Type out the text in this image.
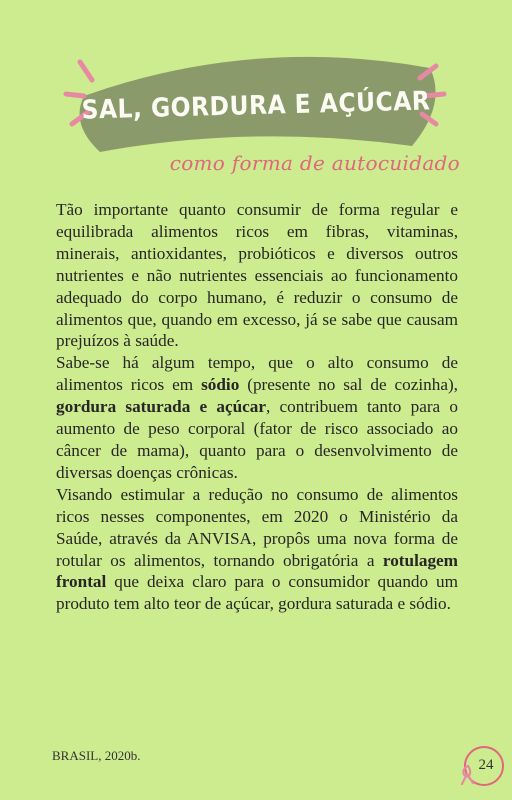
SAL, GORDURA E AÇÚCAR
como forma de autocuidado

Tão importante quanto consumir de forma regular e equilibrada alimentos ricos em fibras, vitaminas, minerais, antioxidantes, probióticos e diversos outros nutrientes e não nutrientes essenciais ao funcionamento adequado do corpo humano, é reduzir o consumo de alimentos que, quando em excesso, já se sabe que causam prejuízos à saúde.

Sabe-se há algum tempo, que o alto consumo de alimentos ricos em sódio (presente no sal de cozinha), gordura saturada e açúcar, contribuem tanto para o aumento de peso corporal (fator de risco associado ao câncer de mama), quanto para o desenvolvimento de diversas doenças crônicas.

Visando estimular a redução no consumo de alimentos ricos nesses componentes, em 2020 o Ministério da Saúde, através da ANVISA, propôs uma nova forma de rotular os alimentos, tornando obrigatória a rotulagem frontal que deixa claro para o consumidor quando um produto tem alto teor de açúcar, gordura saturada e sódio.

BRASIL, 2020b.
24
